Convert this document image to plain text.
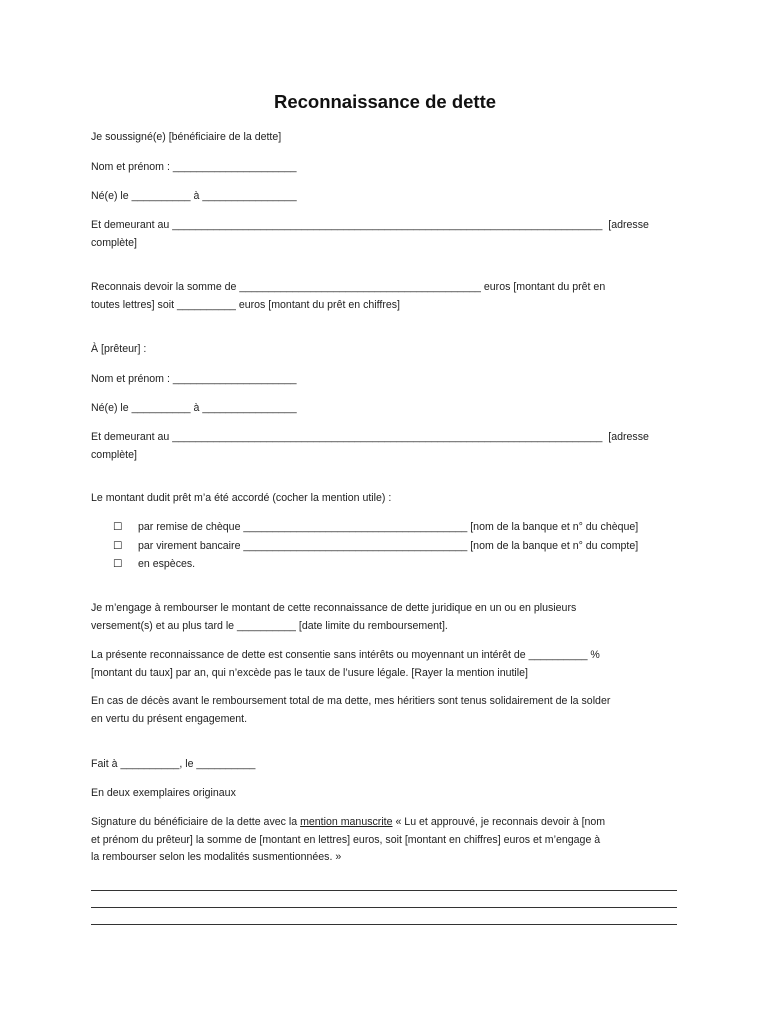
Reconnaissance de dette
Je soussigné(e) [bénéficiaire de la dette]
Nom et prénom : _____________________
Né(e) le __________ à ________________
Et demeurant au _________________________________________________________________________  [adresse
complète]
Reconnais devoir la somme de _________________________________________ euros [montant du prêt en
toutes lettres] soit __________ euros [montant du prêt en chiffres]
À [prêteur] :
Nom et prénom : _____________________
Né(e) le __________ à ________________
Et demeurant au _________________________________________________________________________  [adresse
complète]
Le montant dudit prêt m’a été accordé (cocher la mention utile) :
☐	par remise de chèque ______________________________________ [nom de la banque et n° du chèque]
☐	par virement bancaire ______________________________________ [nom de la banque et n° du compte]
☐	en espèces.
Je m’engage à rembourser le montant de cette reconnaissance de dette juridique en un ou en plusieurs
versement(s) et au plus tard le __________ [date limite du remboursement].
La présente reconnaissance de dette est consentie sans intérêts ou moyennant un intérêt de __________ %
[montant du taux] par an, qui n’excède pas le taux de l’usure légale. [Rayer la mention inutile]
En cas de décès avant le remboursement total de ma dette, mes héritiers sont tenus solidairement de la solder
en vertu du présent engagement.
Fait à __________, le __________
En deux exemplaires originaux
Signature du bénéficiaire de la dette avec la mention manuscrite « Lu et approuvé, je reconnais devoir à [nom
et prénom du prêteur] la somme de [montant en lettres] euros, soit [montant en chiffres] euros et m’engage à
la rembourser selon les modalités susmentionnées. »
